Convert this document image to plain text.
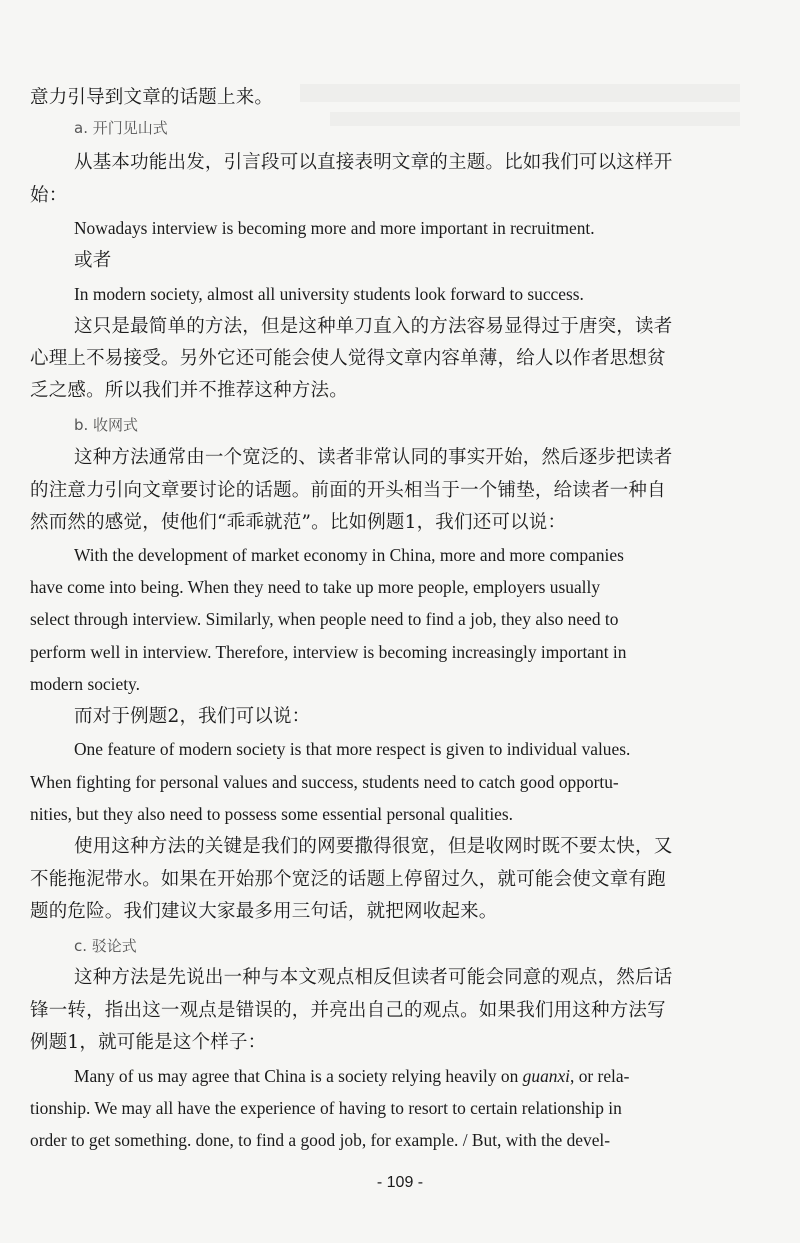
意力引导到文章的话题上来。
a. 开门见山式
从基本功能出发，引言段可以直接表明文章的主题。比如我们可以这样开
始：
Nowadays interview is becoming more and more important in recruitment.
或者
In modern society, almost all university students look forward to success.
这只是最简单的方法，但是这种单刀直入的方法容易显得过于唐突，读者
心理上不易接受。另外它还可能会使人觉得文章内容单薄，给人以作者思想贫
乏之感。所以我们并不推荐这种方法。
b. 收网式
这种方法通常由一个宽泛的、读者非常认同的事实开始，然后逐步把读者
的注意力引向文章要讨论的话题。前面的开头相当于一个铺垫，给读者一种自
然而然的感觉，使他们“乖乖就范”。比如例题1，我们还可以说：
With the development of market economy in China, more and more companies
have come into being. When they need to take up more people, employers usually
select through interview. Similarly, when people need to find a job, they also need to
perform well in interview. Therefore, interview is becoming increasingly important in
modern society.
而对于例题2，我们可以说：
One feature of modern society is that more respect is given to individual values.
When fighting for personal values and success, students need to catch good opportu-
nities, but they also need to possess some essential personal qualities.
使用这种方法的关键是我们的网要撒得很宽，但是收网时既不要太快，又
不能拖泥带水。如果在开始那个宽泛的话题上停留过久，就可能会使文章有跑
题的危险。我们建议大家最多用三句话，就把网收起来。
c. 驳论式
这种方法是先说出一种与本文观点相反但读者可能会同意的观点，然后话
锋一转，指出这一观点是错误的，并亮出自己的观点。如果我们用这种方法写
例题1，就可能是这个样子：
Many of us may agree that China is a society relying heavily on guanxi, or rela-
tionship. We may all have the experience of having to resort to certain relationship in
order to get something. done, to find a good job, for example. / But, with the devel-
- 109 -
